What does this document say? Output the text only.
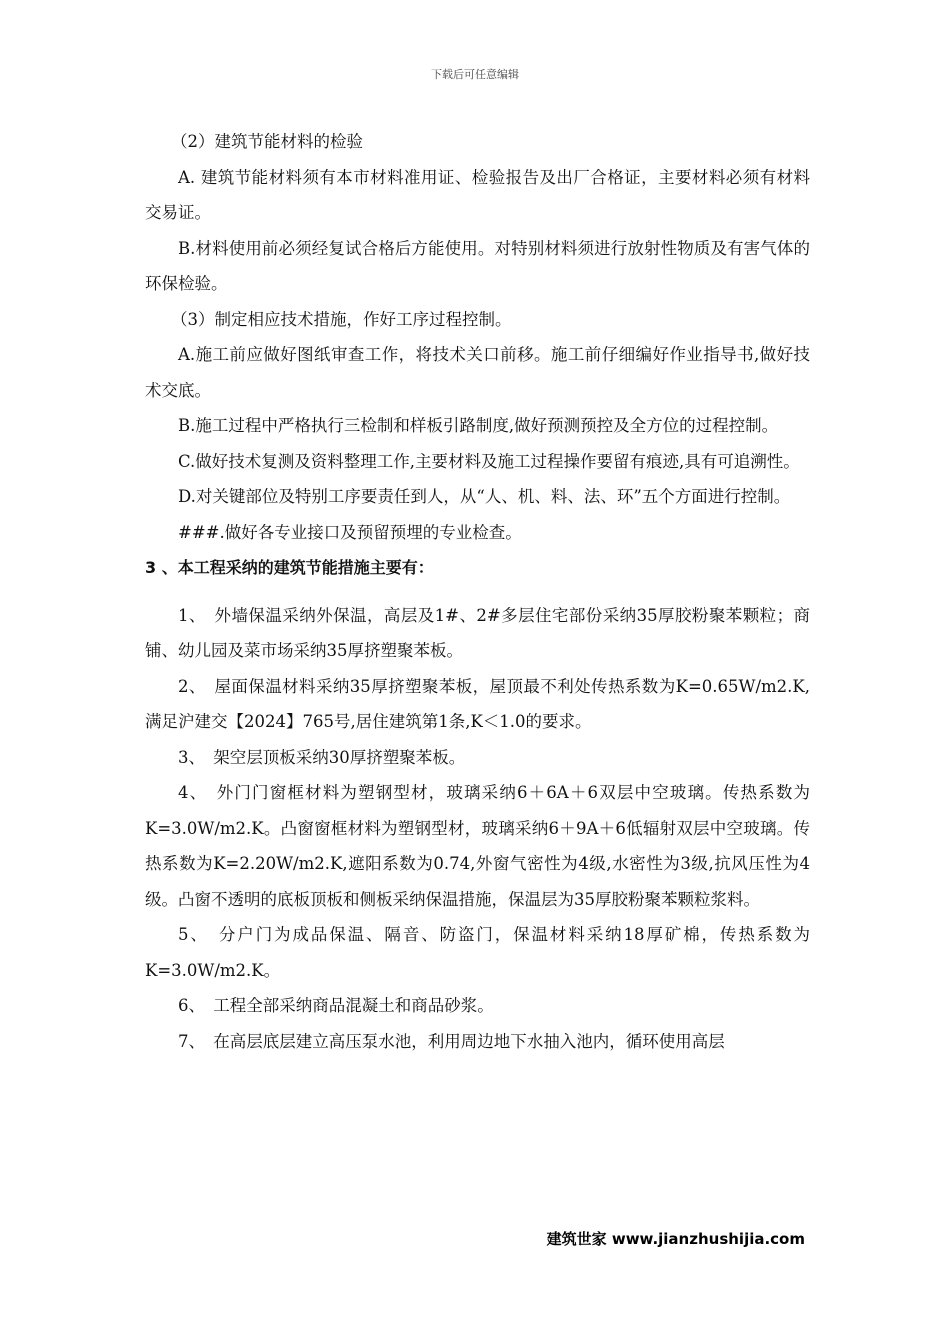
下载后可任意编辑

（2）建筑节能材料的检验

A. 建筑节能材料须有本市材料准用证、检验报告及出厂合格证，主要材料必须有材料交易证。

B.材料使用前必须经复试合格后方能使用。对特别材料须进行放射性物质及有害气体的环保检验。

（3）制定相应技术措施，作好工序过程控制。

A.施工前应做好图纸审查工作，将技术关口前移。施工前仔细编好作业指导书,做好技术交底。

B.施工过程中严格执行三检制和样板引路制度,做好预测预控及全方位的过程控制。

C.做好技术复测及资料整理工作,主要材料及施工过程操作要留有痕迹,具有可追溯性。

D.对关键部位及特别工序要责任到人，从“人、机、料、法、环”五个方面进行控制。

###.做好各专业接口及预留预埋的专业检查。

3 、本工程采纳的建筑节能措施主要有：

1、　外墙保温采纳外保温，高层及1#、2#多层住宅部份采纳35厚胶粉聚苯颗粒；商铺、幼儿园及菜市场采纳35厚挤塑聚苯板。

2、　屋面保温材料采纳35厚挤塑聚苯板，屋顶最不利处传热系数为K=0.65W/m2.K,满足沪建交【2024】765号,居住建筑第1条,K＜1.0的要求。

3、　架空层顶板采纳30厚挤塑聚苯板。

4、　外门门窗框材料为塑钢型材，玻璃采纳6＋6A＋6双层中空玻璃。传热系数为K=3.0W/m2.K。凸窗窗框材料为塑钢型材，玻璃采纳6＋9A＋6低辐射双层中空玻璃。传热系数为K=2.20W/m2.K,遮阳系数为0.74,外窗气密性为4级,水密性为3级,抗风压性为4级。凸窗不透明的底板顶板和侧板采纳保温措施，保温层为35厚胶粉聚苯颗粒浆料。

5、　分户门为成品保温、隔音、防盗门，保温材料采纳18厚矿棉，传热系数为K=3.0W/m2.K。

6、　工程全部采纳商品混凝土和商品砂浆。

7、　在高层底层建立高压泵水池，利用周边地下水抽入池内，循环使用高层

建筑世家 www.jianzhushijia.com
